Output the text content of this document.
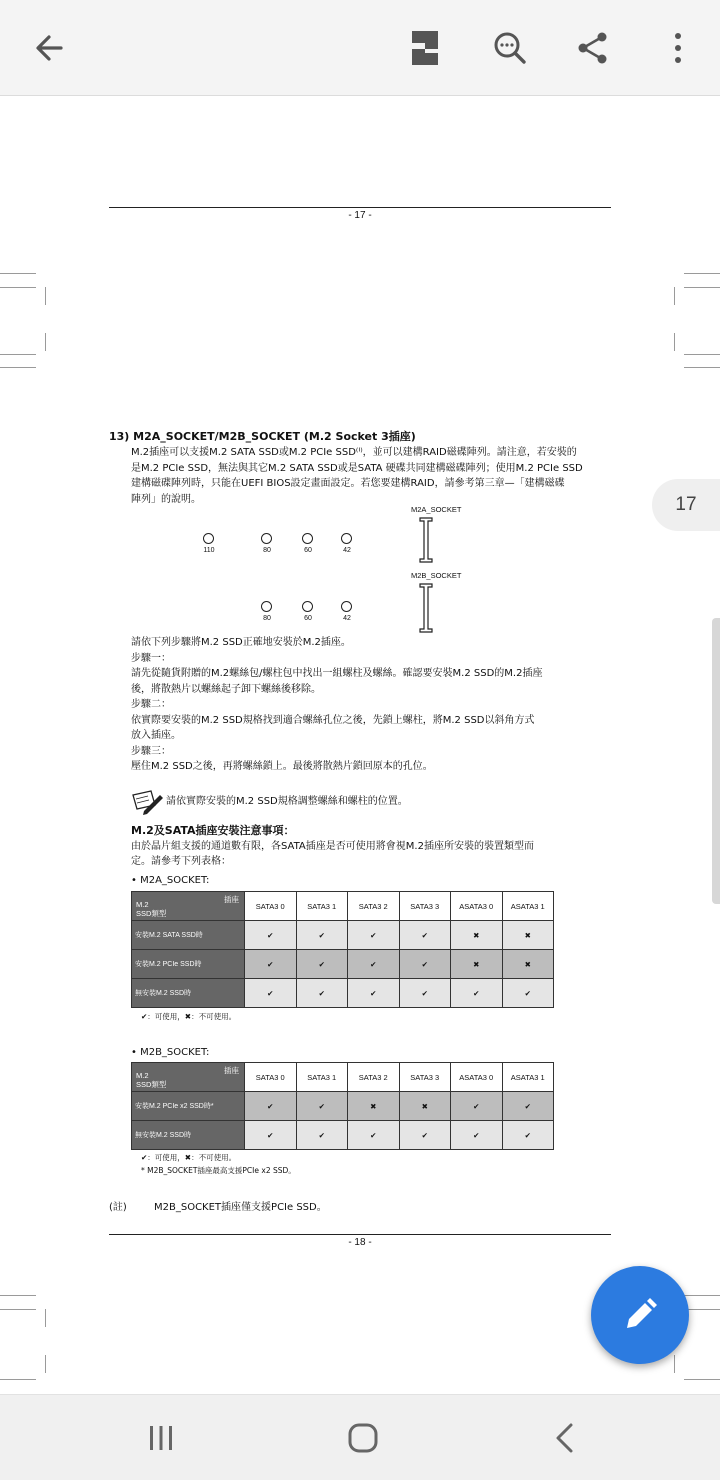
- 17 -
13) M2A_SOCKET/M2B_SOCKET (M.2 Socket 3插座)
M.2插座可以支援M.2 SATA SSD或M.2 PCIe SSD⁽ᴵ⁾，並可以建構RAID磁碟陣列。請注意，若安裝的
是M.2 PCIe SSD，無法與其它M.2 SATA SSD或是SATA 硬碟共同建構磁碟陣列；使用M.2 PCIe SSD
建構磁碟陣列時，只能在UEFI BIOS設定畫面設定。若您要建構RAID，請參考第三章—「建構磁碟
陣列」的說明。
M2A_SOCKET
110	80	60	42
M2B_SOCKET
80	60	42
請依下列步驟將M.2 SSD正確地安裝於M.2插座。
步驟一：
請先從隨貨附贈的M.2螺絲包/螺柱包中找出一組螺柱及螺絲。確認要安裝M.2 SSD的M.2插座
後，將散熱片以螺絲起子卸下螺絲後移除。
步驟二：
依實際要安裝的M.2 SSD規格找到適合螺絲孔位之後，先鎖上螺柱，將M.2 SSD以斜角方式
放入插座。
步驟三：
壓住M.2 SSD之後，再將螺絲鎖上。最後將散熱片鎖回原本的孔位。
請依實際安裝的M.2 SSD規格調整螺絲和螺柱的位置。
M.2及SATA插座安裝注意事項：
由於晶片組支援的通道數有限，各SATA插座是否可使用將會視M.2插座所安裝的裝置類型而
定。請參考下列表格：
• M2A_SOCKET:
插座
M.2
SSD類型	SATA3 0	SATA3 1	SATA3 2	SATA3 3	ASATA3 0	ASATA3 1
安裝M.2 SATA SSD時	✔	✔	✔	✔	✖	✖
安裝M.2 PCIe SSD時	✔	✔	✔	✔	✖	✖
無安裝M.2 SSD時	✔	✔	✔	✔	✔	✔
✔：可使用，✖：不可使用。
• M2B_SOCKET:
插座
M.2
SSD類型	SATA3 0	SATA3 1	SATA3 2	SATA3 3	ASATA3 0	ASATA3 1
安裝M.2 PCIe x2 SSD時*	✔	✔	✖	✖	✔	✔
無安裝M.2 SSD時	✔	✔	✔	✔	✔	✔
✔：可使用，✖：不可使用。
* M2B_SOCKET插座最高支援PCIe x2 SSD。
(註)	M2B_SOCKET插座僅支援PCIe SSD。
- 18 -
17
